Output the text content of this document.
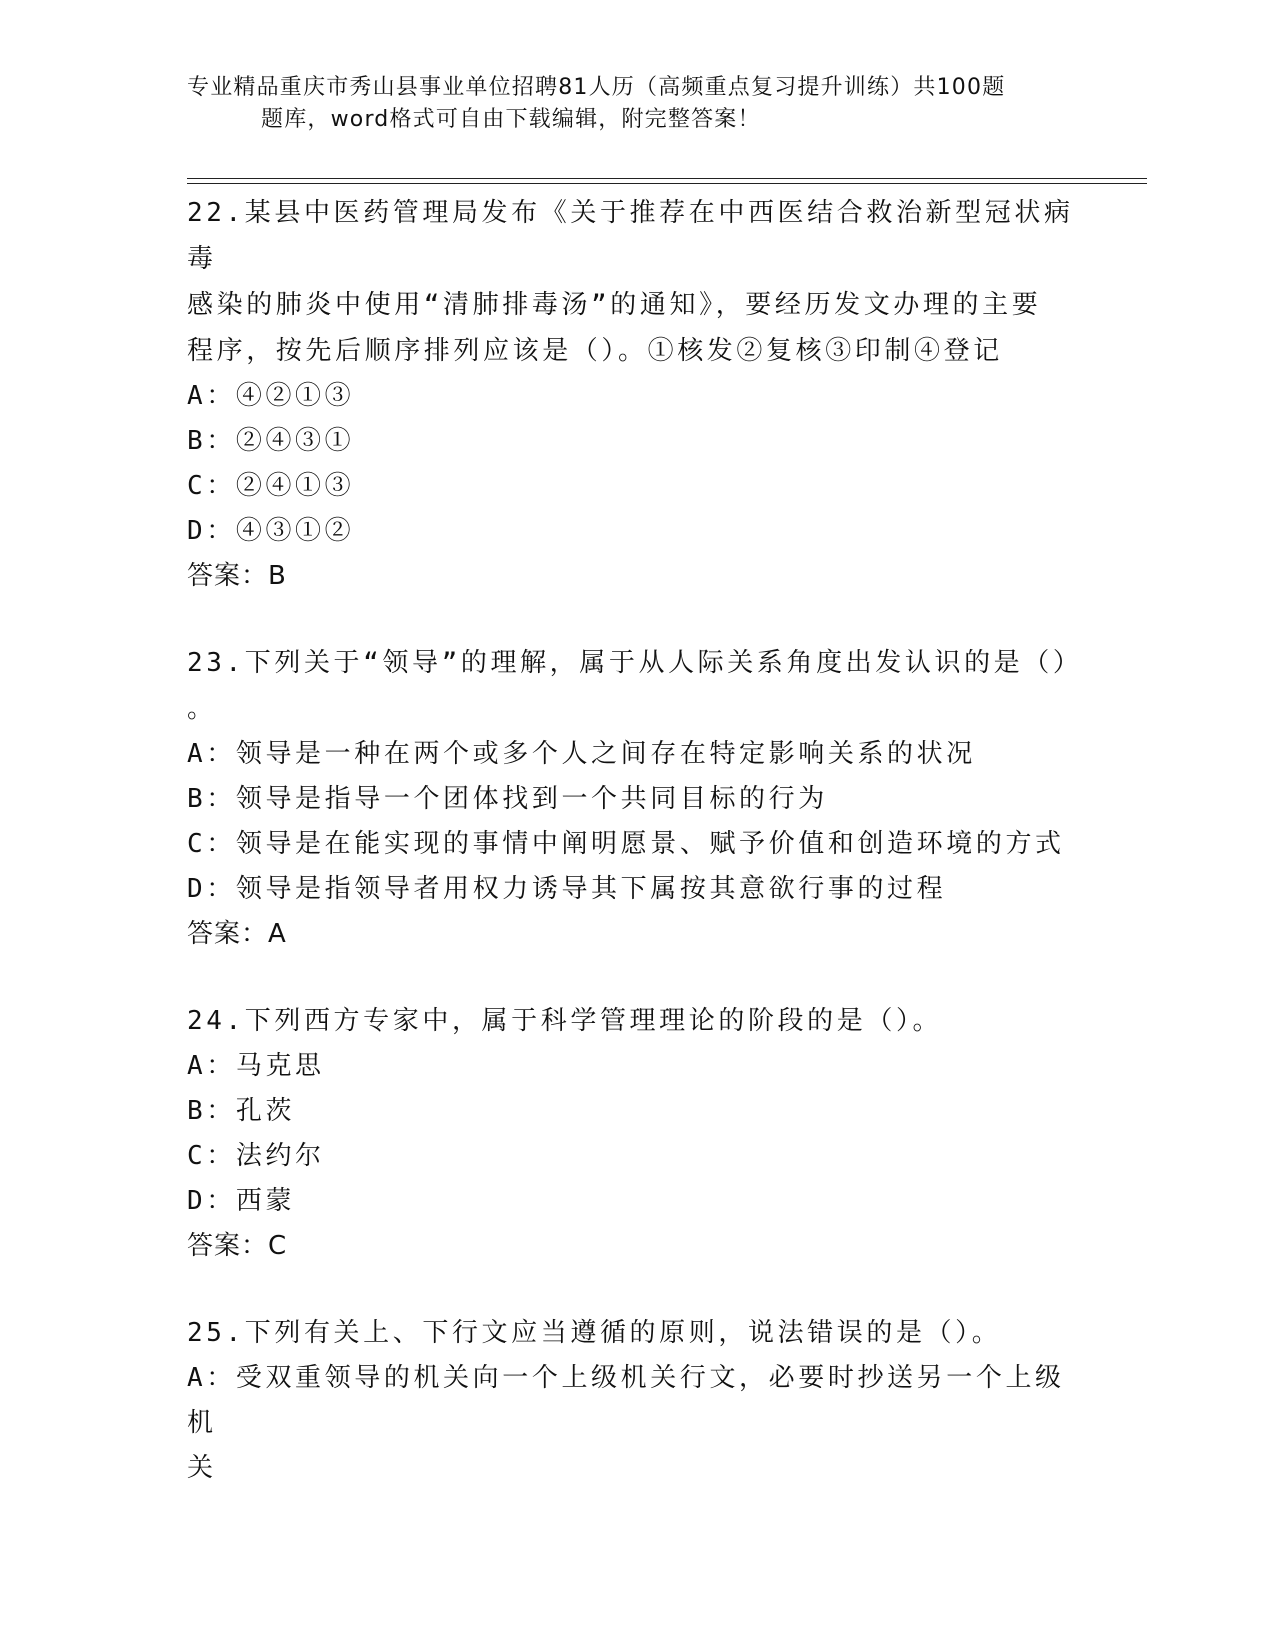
专业精品重庆市秀山县事业单位招聘81人历（高频重点复习提升训练）共100题
题库，word格式可自由下载编辑，附完整答案！
22.某县中医药管理局发布《关于推荐在中西医结合救治新型冠状病毒
感染的肺炎中使用“清肺排毒汤”的通知》，要经历发文办理的主要
程序，按先后顺序排列应该是（）。①核发②复核③印制④登记
A：④②①③
B：②④③①
C：②④①③
D：④③①②
答案：B
23.下列关于“领导”的理解，属于从人际关系角度出发认识的是（）
。
A：领导是一种在两个或多个人之间存在特定影响关系的状况
B：领导是指导一个团体找到一个共同目标的行为
C：领导是在能实现的事情中阐明愿景、赋予价值和创造环境的方式
D：领导是指领导者用权力诱导其下属按其意欲行事的过程
答案：A
24.下列西方专家中，属于科学管理理论的阶段的是（）。
A：马克思
B：孔茨
C：法约尔
D：西蒙
答案：C
25.下列有关上、下行文应当遵循的原则，说法错误的是（）。
A：受双重领导的机关向一个上级机关行文，必要时抄送另一个上级机
关
